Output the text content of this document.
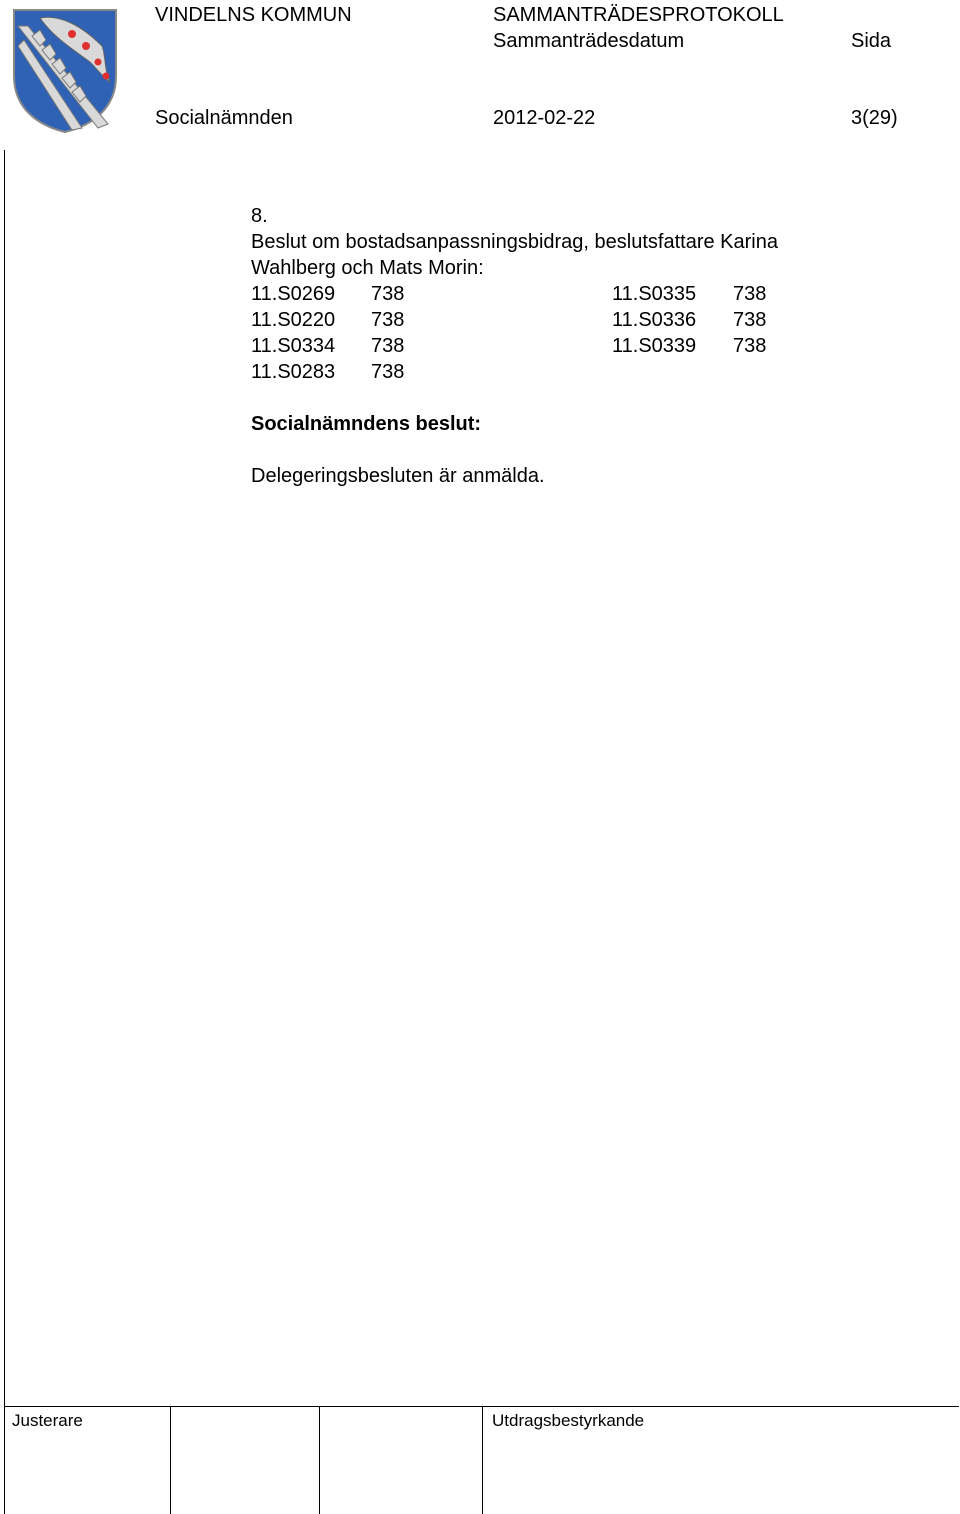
VINDELNS KOMMUN	SAMMANTRÄDESPROTOKOLL
Sammanträdesdatum	Sida
Socialnämnden	2012-02-22	3(29)
8.
Beslut om bostadsanpassningsbidrag, beslutsfattare Karina
Wahlberg och Mats Morin:
11.S0269 738	11.S0335 738
11.S0220 738	11.S0336 738
11.S0334 738	11.S0339 738
11.S0283 738
Socialnämndens beslut:
Delegeringsbesluten är anmälda.
Justerare	Utdragsbestyrkande
